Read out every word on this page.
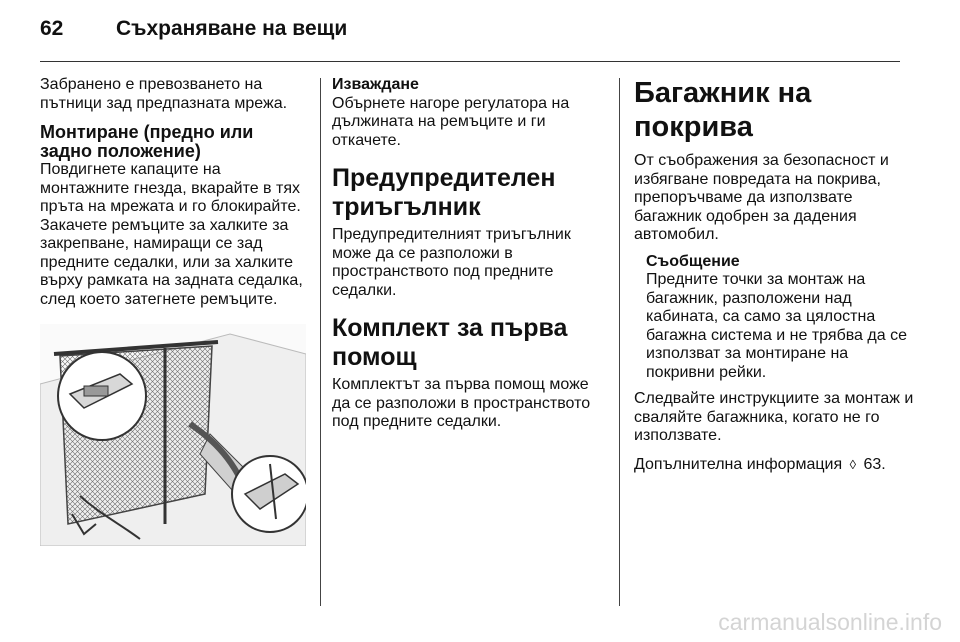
62	Съхраняване на вещи

Забранено е превозването на пътници зад предпазната мрежа.

Монтиране (предно или задно положение)

Повдигнете капаците на монтажните гнезда, вкарайте в тях пръта на мрежата и го блокирайте. Закачете ремъците за халките за закрепване, намиращи се зад предните седалки, или за халките върху рамката на задната седалка, след което затегнете ремъците.

Изваждане

Обърнете нагоре регулатора на дължината на ремъците и ги откачете.

Предупредителен триъгълник

Предупредителният триъгълник може да се разположи в пространството под предните седалки.

Комплект за първа помощ

Комплектът за първа помощ може да се разположи в пространството под предните седалки.

Багажник на покрива

От съображения за безопасност и избягване повредата на покрива, препоръчваме да използвате багажник одобрен за дадения автомобил.

Съобщение

Предните точки за монтаж на багажник, разположени над кабината, са само за цялостна багажна система и не трябва да се използват за монтиране на покривни рейки.

Следвайте инструкциите за монтаж и сваляйте багажника, когато не го използвате.

Допълнителна информация ◊ 63.

carmanualsonline.info
